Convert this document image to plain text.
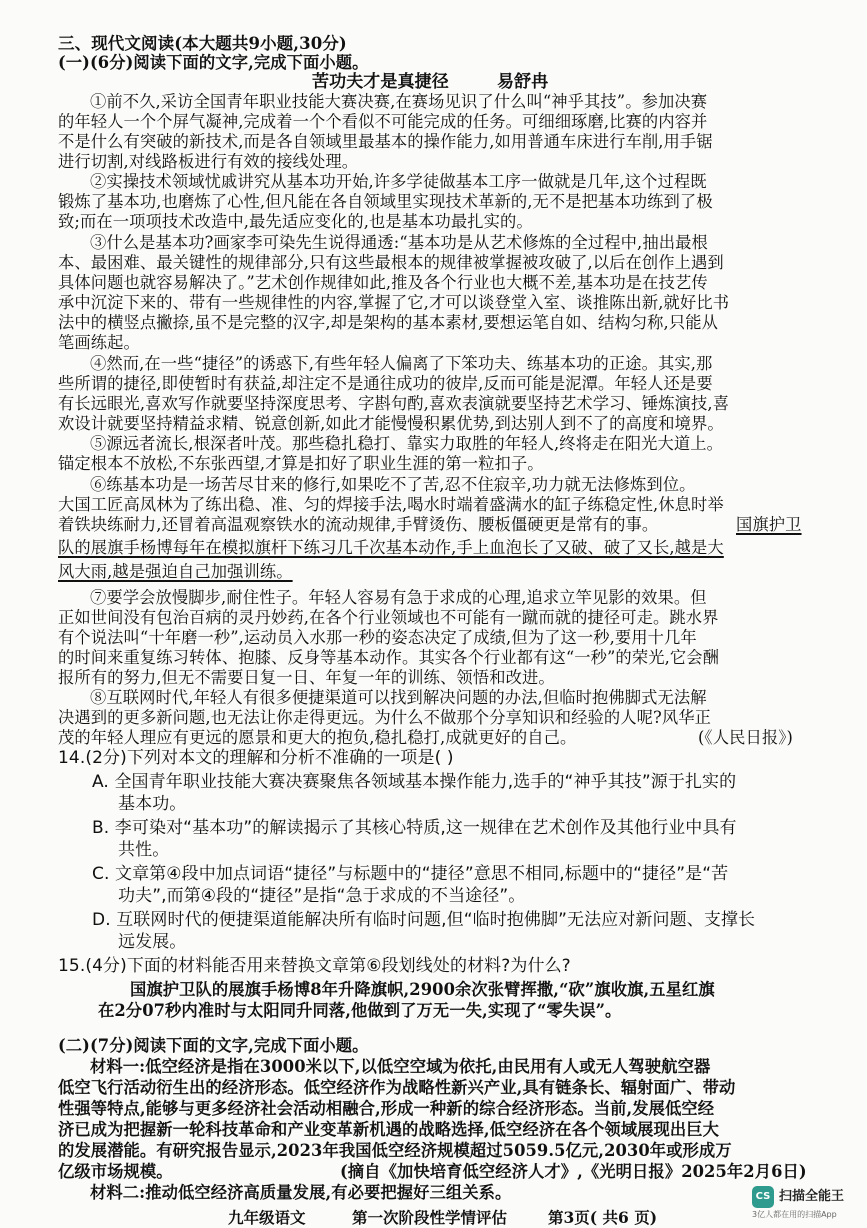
三、现代文阅读(本大题共9小题,30分)
(一)(6分)阅读下面的文字,完成下面小题。
苦功夫才是真捷径	易舒冉
①前不久,采访全国青年职业技能大赛决赛,在赛场见识了什么叫“神乎其技”。参加决赛
的年轻人一个个屏气凝神,完成着一个个看似不可能完成的任务。可细细琢磨,比赛的内容并
不是什么有突破的新技术,而是各自领域里最基本的操作能力,如用普通车床进行车削,用手锯
进行切割,对线路板进行有效的接线处理。
②实操技术领域忧戚讲究从基本功开始,许多学徒做基本工序一做就是几年,这个过程既
锻炼了基本功,也磨炼了心性,但凡能在各自领域里实现技术革新的,无不是把基本功练到了极
致;而在一项项技术改造中,最先适应变化的,也是基本功最扎实的。
③什么是基本功?画家李可染先生说得通透:“基本功是从艺术修炼的全过程中,抽出最根
本、最困难、最关键性的规律部分,只有这些最根本的规律被掌握被攻破了,以后在创作上遇到
具体问题也就容易解决了。”艺术创作规律如此,推及各个行业也大概不差,基本功是在技艺传
承中沉淀下来的、带有一些规律性的内容,掌握了它,才可以谈登堂入室、谈推陈出新,就好比书
法中的横竖点撇捺,虽不是完整的汉字,却是架构的基本素材,要想运笔自如、结构匀称,只能从
笔画练起。
④然而,在一些“捷径”的诱惑下,有些年轻人偏离了下笨功夫、练基本功的正途。其实,那
些所谓的捷径,即使暂时有获益,却注定不是通往成功的彼岸,反而可能是泥潭。年轻人还是要
有长远眼光,喜欢写作就要坚持深度思考、字斟句酌,喜欢表演就要坚持艺术学习、锤炼演技,喜
欢设计就要坚持精益求精、锐意创新,如此才能慢慢积累优势,到达别人到不了的高度和境界。
⑤源远者流长,根深者叶茂。那些稳扎稳打、靠实力取胜的年轻人,终将走在阳光大道上。
锚定根本不放松,不东张西望,才算是扣好了职业生涯的第一粒扣子。
⑥练基本功是一场苦尽甘来的修行,如果吃不了苦,忍不住寂辛,功力就无法修炼到位。
大国工匠高凤林为了练出稳、准、匀的焊接手法,喝水时端着盛满水的缸子练稳定性,休息时举
着铁块练耐力,还冒着高温观察铁水的流动规律,手臂烫伤、腰板僵硬更是常有的事。	国旗护卫
队的展旗手杨博每年在模拟旗杆下练习几千次基本动作,手上血泡长了又破、破了又长,越是大
风大雨,越是强迫自己加强训练。
⑦要学会放慢脚步,耐住性子。年轻人容易有急于求成的心理,追求立竿见影的效果。但
正如世间没有包治百病的灵丹妙药,在各个行业领域也不可能有一蹴而就的捷径可走。跳水界
有个说法叫“十年磨一秒”,运动员入水那一秒的姿态决定了成绩,但为了这一秒,要用十几年
的时间来重复练习转体、抱膝、反身等基本动作。其实各个行业都有这“一秒”的荣光,它会酬
报所有的努力,但无不需要日复一日、年复一年的训练、领悟和改进。
⑧互联网时代,年轻人有很多便捷渠道可以找到解决问题的办法,但临时抱佛脚式无法解
决遇到的更多新问题,也无法让你走得更远。为什么不做那个分享知识和经验的人呢?风华正
茂的年轻人理应有更远的愿景和更大的抱负,稳扎稳打,成就更好的自己。	(《人民日报》)
14.(2分)下列对本文的理解和分析不准确的一项是( )
A. 全国青年职业技能大赛决赛聚焦各领域基本操作能力,选手的“神乎其技”源于扎实的
基本功。
B. 李可染对“基本功”的解读揭示了其核心特质,这一规律在艺术创作及其他行业中具有
共性。
C. 文章第④段中加点词语“捷径”与标题中的“捷径”意思不相同,标题中的“捷径”是“苦
功夫”,而第④段的“捷径”是指“急于求成的不当途径”。
D. 互联网时代的便捷渠道能解决所有临时问题,但“临时抱佛脚”无法应对新问题、支撑长
远发展。
15.(4分)下面的材料能否用来替换文章第⑥段划线处的材料?为什么?
国旗护卫队的展旗手杨博8年升降旗帜,2900余次张臂挥撒,“砍”旗收旗,五星红旗
在2分07秒内准时与太阳同升同落,他做到了万无一失,实现了“零失误”。
(二)(7分)阅读下面的文字,完成下面小题。
材料一:低空经济是指在3000米以下,以低空空域为依托,由民用有人或无人驾驶航空器
低空飞行活动衍生出的经济形态。低空经济作为战略性新兴产业,具有链条长、辐射面广、带动
性强等特点,能够与更多经济社会活动相融合,形成一种新的综合经济形态。当前,发展低空经
济已成为把握新一轮科技革命和产业变革新机遇的战略选择,低空经济在各个领域展现出巨大
的发展潜能。有研究报告显示,2023年我国低空经济规模超过5059.5亿元,2030年或形成万
亿级市场规模。	(摘自《加快培育低空经济人才》,《光明日报》2025年2月6日)
材料二:推动低空经济高质量发展,有必要把握好三组关系。
九年级语文	第一次阶段性学情评估	第3页( 共6 页)
CS 扫描全能王
3亿人都在用的扫描App
